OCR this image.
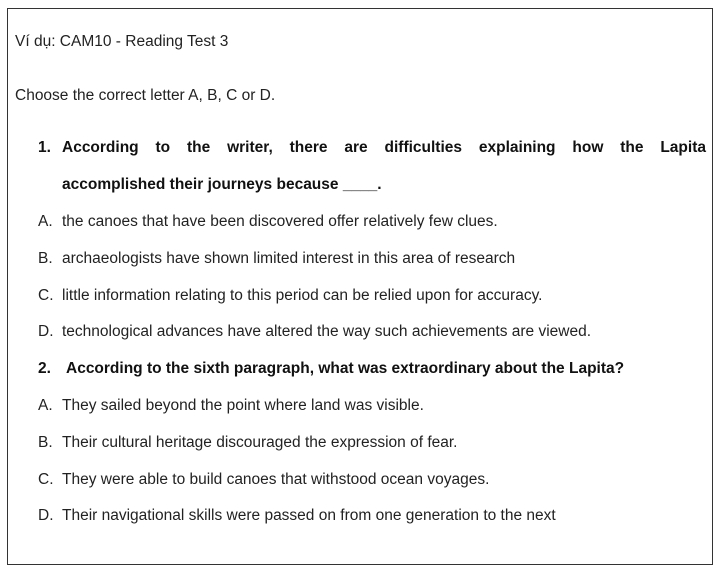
Ví dụ: CAM10 - Reading Test 3
Choose the correct letter A, B, C or D.
1. According to the writer, there are difficulties explaining how the Lapita
accomplished their journeys because ____.
A. the canoes that have been discovered offer relatively few clues.
B. archaeologists have shown limited interest in this area of research
C. little information relating to this period can be relied upon for accuracy.
D. technological advances have altered the way such achievements are viewed.
2. According to the sixth paragraph, what was extraordinary about the Lapita?
A. They sailed beyond the point where land was visible.
B. Their cultural heritage discouraged the expression of fear.
C. They were able to build canoes that withstood ocean voyages.
D. Their navigational skills were passed on from one generation to the next
